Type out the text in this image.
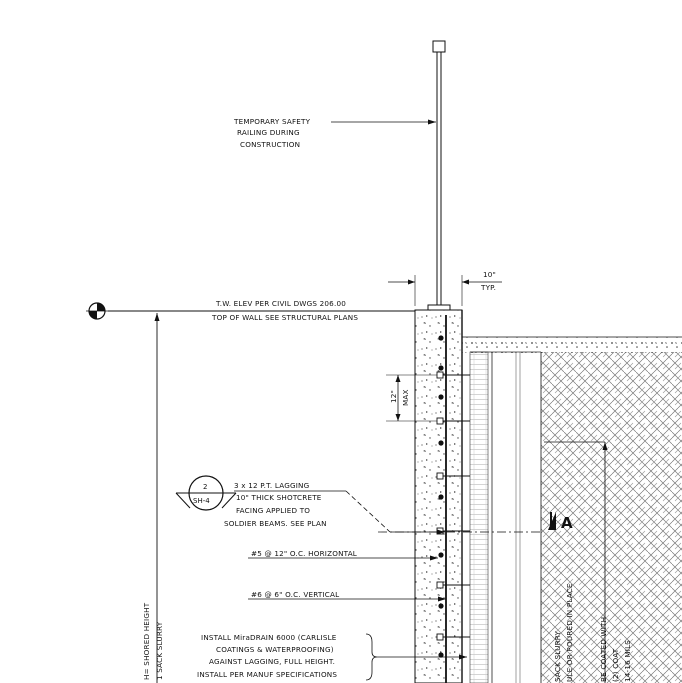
TEMPORARY SAFETY
RAILING DURING
CONSTRUCTION
10"
TYP.
T.W. ELEV PER CIVIL DWGS 206.00
TOP OF WALL SEE STRUCTURAL PLANS
H= SHORED HEIGHT 1 SACK SLURRY
12" MAX
2
SH-4
3 x 12 P.T. LAGGING
10" THICK SHOTCRETE
FACING APPLIED TO
SOLDIER BEAMS. SEE PLAN	A
#5 @ 12" O.C. HORIZONTAL
#6 @ 6" O.C. VERTICAL
INSTALL MiraDRAIN 6000 (CARLISLE
COATINGS & WATERPROOFING)
AGAINST LAGGING, FULL HEIGHT.
INSTALL PER MANUF SPECIFICATIONS	SACK SLURRY ULE OR POURED IN PLACE	BE COATED WITH (2) COAT 14-16 MILS
